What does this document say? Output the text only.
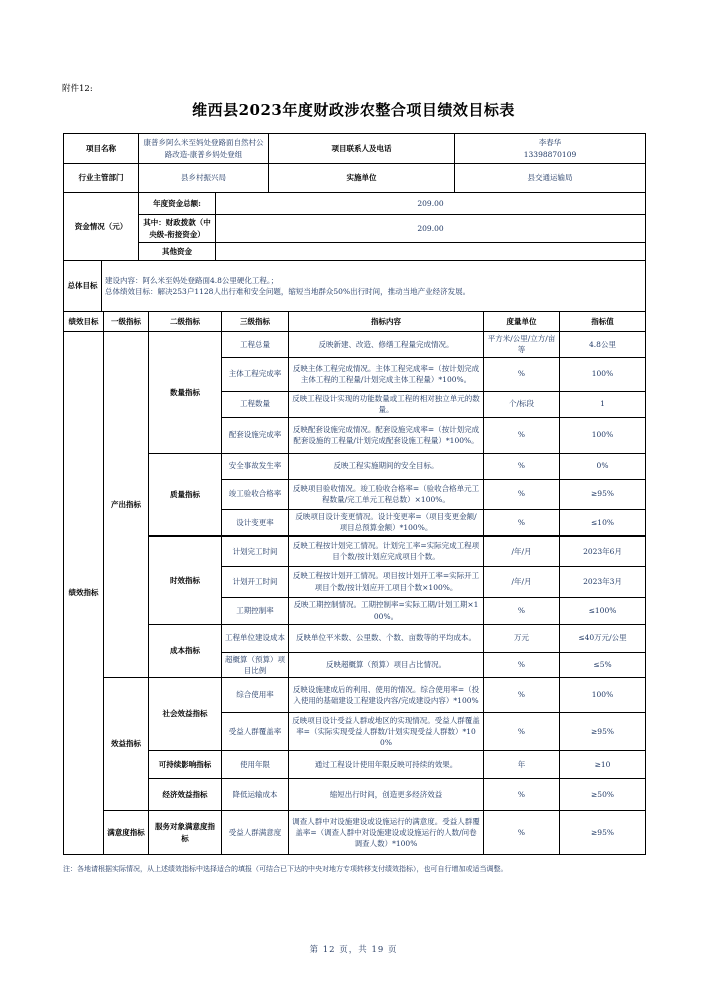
附件12:
维西县2023年度财政涉农整合项目绩效目标表
项目名称	康普乡阿么米至妈处登路面自然村公路改造-康普乡妈处登组	项目联系人及电话	李春华
13398870109

行业主管部门	县乡村振兴局	实施单位	县交通运输局
资金情况（元）	年度资金总额:	209.00
	其中：财政拨款（中央级-衔接资金）	209.00
	其他资金	
总体目标	
建设内容：阿么米至妈处登路面4.8公里硬化工程。；
总体绩效目标：解决253户1128人出行难和安全问题，缩短当地群众50%出行时间，推动当地产业经济发展。
绩效目标	一级指标	二级指标	三级指标	指标内容	度量单位	指标值
绩效指标	产出指标	数量指标	工程总量	反映新建、改造、修缮工程量完成情况。	平方米/公里/立方/亩等	4.8公里
			主体工程完成率	反映主体工程完成情况。主体工程完成率=（按计划完成主体工程的工程量/计划完成主体工程量）*100%。	%	100%
			工程数量	反映工程设计实现的功能数量或工程的相对独立单元的数量。	个/标段	1
			配套设施完成率	反映配套设施完成情况。配套设施完成率=（按计划完成配套设施的工程量/计划完成配套设施工程量）*100%。	%	100%
		质量指标	安全事故发生率	反映工程实施期间的安全目标。	%	0%
			竣工验收合格率	反映项目验收情况。竣工验收合格率=（验收合格单元工程数量/完工单元工程总数）×100%。	%	≥95%
			设计变更率	反映项目设计变更情况。设计变更率=（项目变更金额/项目总预算金额）*100%。	%	≤10%
		时效指标	计划完工时间	反映工程按计划完工情况。计划完工率=实际完成工程项目个数/按计划应完成项目个数。	/年/月	2023年6月
			计划开工时间	反映工程按计划开工情况。项目按计划开工率=实际开工项目个数/按计划应开工项目个数×100%。	/年/月	2023年3月
			工期控制率	反映工期控制情况。工期控制率=实际工期/计划工期×100%。	%	≤100%
		成本指标	工程单位建设成本	反映单位平米数、公里数、个数、亩数等的平均成本。	万元	≤40万元/公里
			超概算（预算）项目比例	反映超概算（预算）项目占比情况。	%	≤5%
	效益指标	社会效益指标	综合使用率	反映设施建成后的利用、使用的情况。综合使用率=（投入使用的基础建设工程建设内容/完成建设内容）*100%	%	100%
			受益人群覆盖率	反映项目设计受益人群或地区的实现情况。受益人群覆盖率=（实际实现受益人群数/计划实现受益人群数）*100%	%	≥95%
		可持续影响指标	使用年限	通过工程设计使用年限反映可持续的效果。	年	≥10
		经济效益指标	降低运输成本	缩短出行时间，创造更多经济效益	%	≥50%
	满意度指标	服务对象满意度指标	受益人群满意度	调查人群中对设施建设或设施运行的满意度。受益人群覆盖率=（调查人群中对设施建设或设施运行的人数/问卷调查人数）*100%	%	≥95%
注：各地请根据实际情况，从上述绩效指标中选择适合的填报（可结合已下达的中央对地方专项转移支付绩效指标），也可自行增加或适当调整。
第 12 页，共 19 页
